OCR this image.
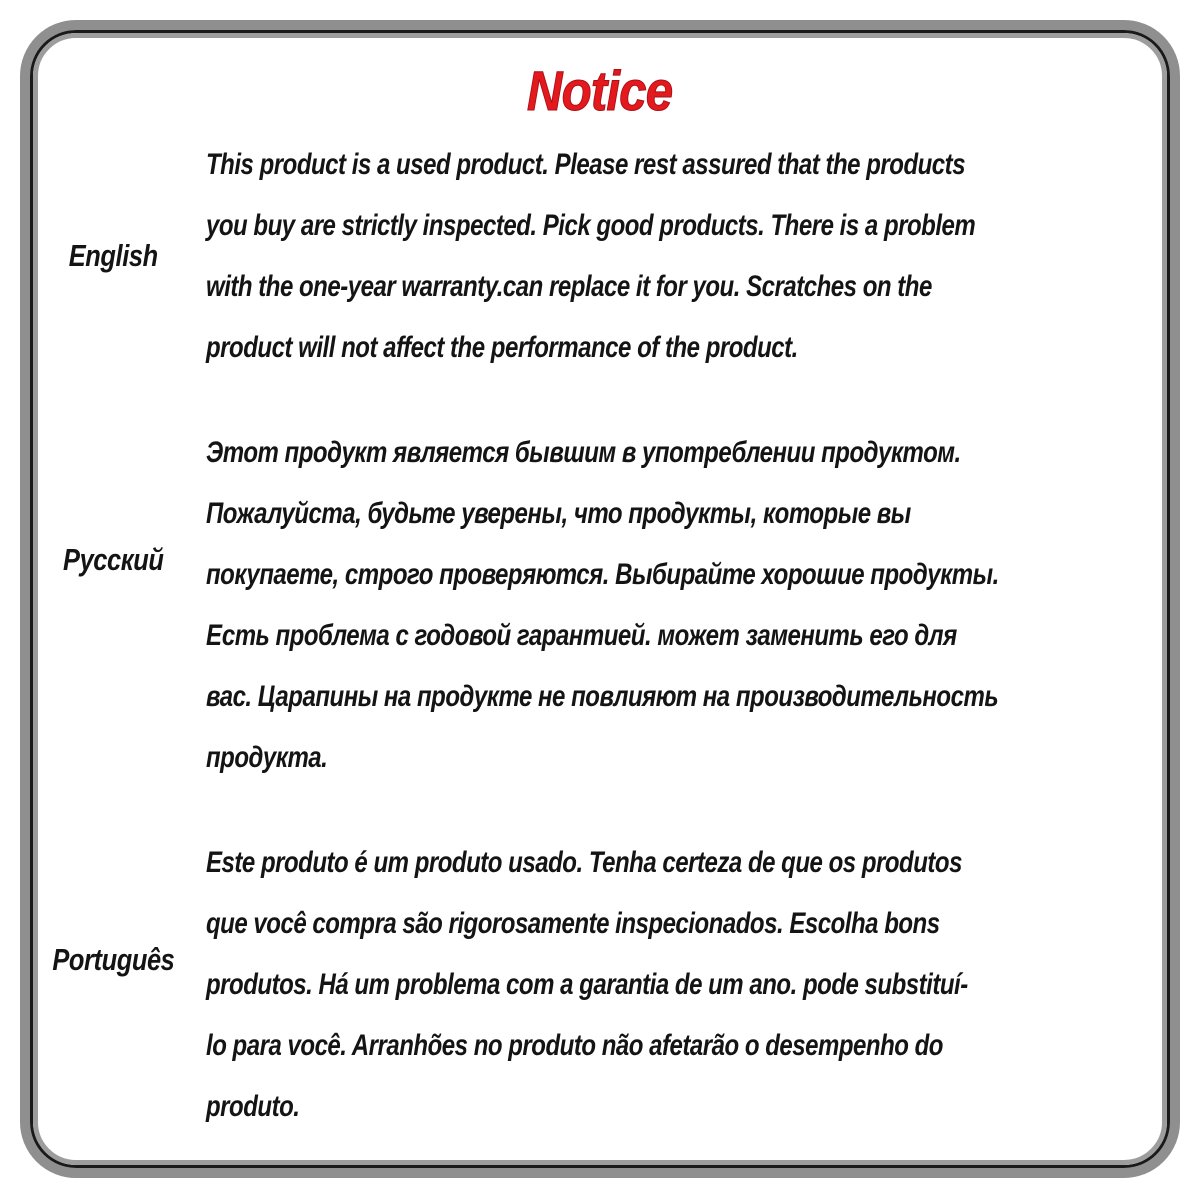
Notice
English
This product is a used product. Please rest assured that the products
you buy are strictly inspected. Pick good products. There is a problem
with the one-year warranty.can replace it for you. Scratches on the
product will not affect the performance of the product.
Русский
Этот продукт является бывшим в употреблении продуктом.
Пожалуйста, будьте уверены, что продукты, которые вы
покупаете, строго проверяются. Выбирайте хорошие продукты.
Есть проблема с годовой гарантией. может заменить его для
вас. Царапины на продукте не повлияют на производительность
продукта.
Português
Este produto é um produto usado. Tenha certeza de que os produtos
que você compra são rigorosamente inspecionados. Escolha bons
produtos. Há um problema com a garantia de um ano. pode substituí-
lo para você. Arranhões no produto não afetarão o desempenho do
produto.
